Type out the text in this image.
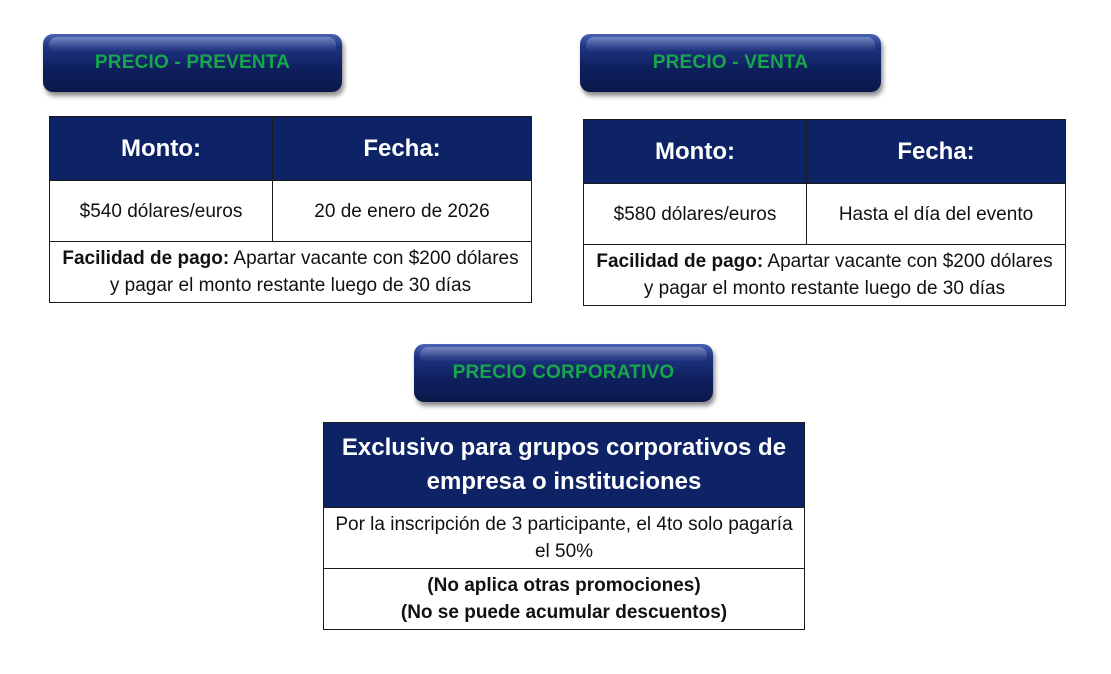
PRECIO - PREVENTA
Monto:	Fecha:
$540 dólares/euros	20 de enero de 2026
Facilidad de pago: Apartar vacante con $200 dólares y pagar el monto restante luego de 30 días	
PRECIO - VENTA
Monto:	Fecha:
$580 dólares/euros	Hasta el día del evento
Facilidad de pago: Apartar vacante con $200 dólares y pagar el monto restante luego de 30 días	
PRECIO CORPORATIVO
Exclusivo para grupos corporativos de empresa o instituciones
Por la inscripción de 3 participante, el 4to solo pagaría el 50%

(No aplica otras promociones)
(No se puede acumular descuentos)
